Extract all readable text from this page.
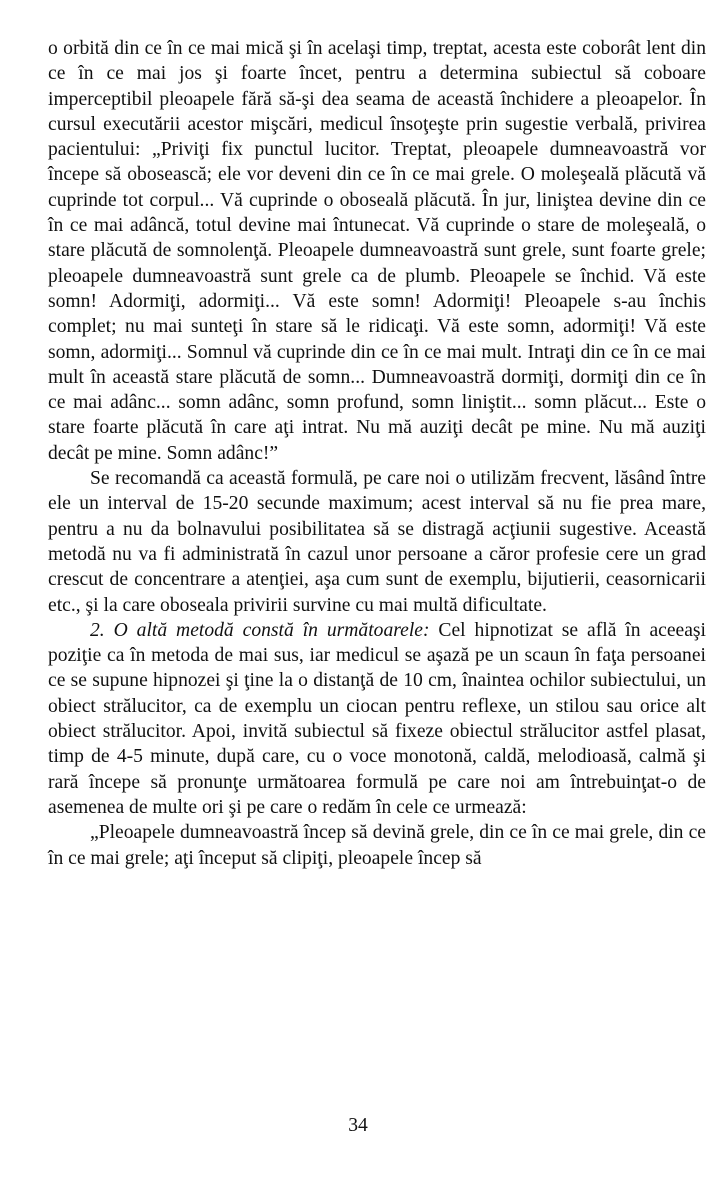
o orbită din ce în ce mai mică şi în acelaşi timp, treptat, acesta este coborât lent din ce în ce mai jos şi foarte încet, pentru a determina subiectul să coboare imperceptibil pleoapele fără să-şi dea seama de această închidere a pleoapelor. În cursul executării acestor mişcări, medicul însoţeşte prin sugestie verbală, privirea pacientului: „Priviţi fix punctul lucitor. Treptat, pleoapele dumneavoastră vor începe să obosească; ele vor deveni din ce în ce mai grele. O moleşeală plăcută vă cuprinde tot corpul... Vă cuprinde o oboseală plăcută. În jur, liniştea devine din ce în ce mai adâncă, totul devine mai întunecat. Vă cuprinde o stare de moleşeală, o stare plăcută de somnolenţă. Pleoapele dumneavoastră sunt grele, sunt foarte grele; pleoapele dumneavoastră sunt grele ca de plumb. Pleoapele se închid. Vă este somn! Adormiţi, adormiţi... Vă este somn! Adormiţi! Pleoapele s-au închis complet; nu mai sunteţi în stare să le ridicaţi. Vă este somn, adormiţi! Vă este somn, adormiţi... Somnul vă cuprinde din ce în ce mai mult. Intraţi din ce în ce mai mult în această stare plăcută de somn... Dumneavoastră dormiţi, dormiţi din ce în ce mai adânc... somn adânc, somn profund, somn liniştit... somn plăcut... Este o stare foarte plăcută în care aţi intrat. Nu mă auziţi decât pe mine. Nu mă auziţi decât pe mine. Somn adânc!”

Se recomandă ca această formulă, pe care noi o utilizăm frecvent, lăsând între ele un interval de 15-20 secunde maximum; acest interval să nu fie prea mare, pentru a nu da bolnavului posibilitatea să se distragă acţiunii sugestive. Această metodă nu va fi administrată în cazul unor persoane a căror profesie cere un grad crescut de concentrare a atenţiei, aşa cum sunt de exemplu, bijutierii, ceasornicarii etc., şi la care oboseala privirii survine cu mai multă dificultate.

2. O altă metodă constă în următoarele: Cel hipnotizat se află în aceeaşi poziţie ca în metoda de mai sus, iar medicul se aşază pe un scaun în faţa persoanei ce se supune hipnozei şi ţine la o distanţă de 10 cm, înaintea ochilor subiectului, un obiect strălucitor, ca de exemplu un ciocan pentru reflexe, un stilou sau orice alt obiect strălucitor. Apoi, invită subiectul să fixeze obiectul strălucitor astfel plasat, timp de 4-5 minute, după care, cu o voce monotonă, caldă, melodioasă, calmă şi rară începe să pronunţe următoarea formulă pe care noi am întrebuinţat-o de asemenea de multe ori şi pe care o redăm în cele ce urmează:

„Pleoapele dumneavoastră încep să devină grele, din ce în ce mai grele, din ce în ce mai grele; aţi început să clipiţi, pleoapele încep să

34
